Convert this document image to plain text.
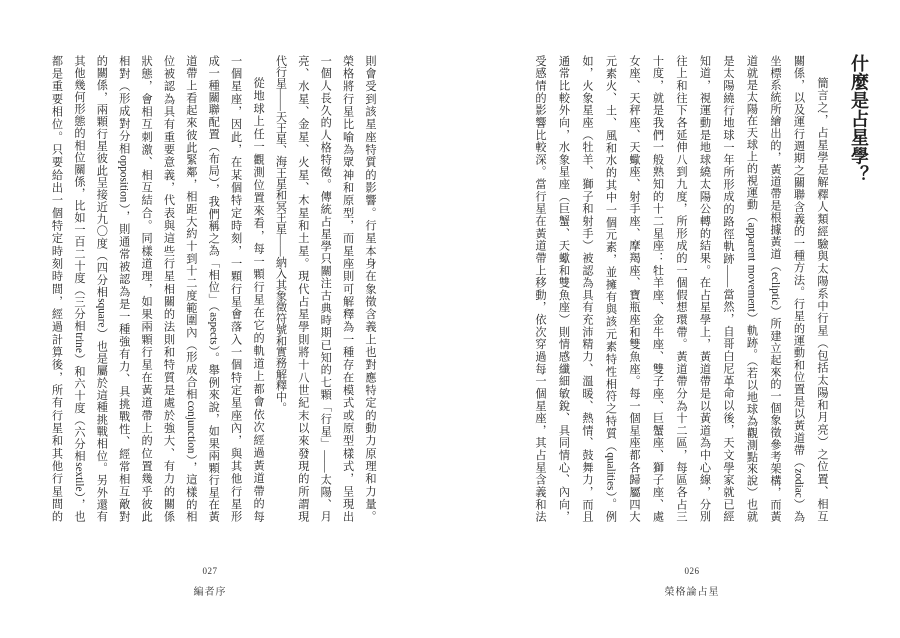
則會受到該星座特質的影響。行星本身在象徵含義上也對應特定的動力原理和力量。
榮格將行星比喻為眾神和原型，而星座則可解釋為一種存在模式或原型樣式，呈現出
一個人長久的人格特徵。傳統占星學只關注古典時期已知的七顆「行星」——太陽、月
亮、水星、金星、火星、木星和土星。現代占星學則將十八世紀末以來發現的所謂現
代行星——天王星、海王星和冥王星——納入其象徵符號和實務解釋中。
從地球上任一觀測位置來看，每一顆行星在它的軌道上都會依次經過黃道帶的每
一個星座，因此，在某個特定時刻，一顆行星會落入一個特定星座內，與其他行星形
成一種關聯配置（布局），我們稱之為「相位」（aspects）。舉例來說，如果兩顆行星在黃
道帶上看起來彼此緊鄰，相距大約十到十二度範圍內（形成合相conjunction），這樣的相
位被認為具有重要意義，代表與這些行星相關的法則和特質是處於強大、有力的關係
狀態，會相互刺激、相互結合。同樣道理，如果兩顆行星在黃道帶上的位置幾乎彼此
相對（形成對分相opposition），則通常被認為是一種強有力、具挑戰性、經常相互敵對
的關係，兩顆行星彼此呈接近九〇度（四分相square）也是屬於這種挑戰相位。另外還有
其他幾何形態的相位關係，比如一百二十度（三分相trine）和六十度（六分相sextile），也
都是重要相位。只要給出一個特定時刻時間，經過計算後，所有行星和其他行星間的
027
編者序
什麼是占星學？
簡言之，占星學是解釋人類經驗與太陽系中行星（包括太陽和月亮）之位置、相互
關係，以及運行週期之關聯含義的一種方法。行星的運動和位置是以黃道帶（zodiac）為
坐標系統所繪出的，黃道帶是根據黃道（ecliptic）所建立起來的一個象徵參考架構，而黃
道就是太陽在天球上的視運動（apparent movement）軌跡。（若以地球為觀測點來說）也就
是太陽繞行地球一年所形成的路徑軌跡——當然，自哥白尼革命以後，天文學家就已經
知道，視運動是地球繞太陽公轉的結果。在占星學上，黃道帶是以黃道為中心線，分別
往上和往下各延伸八到九度，所形成的一個假想環帶。黃道帶分為十二區，每區各占三
十度，就是我們一般熟知的十二星座：牡羊座、金牛座、雙子座、巨蟹座、獅子座、處
女座、天秤座、天蠍座、射手座、摩羯座、寶瓶座和雙魚座。每一個星座都各歸屬四大
元素火、土、風和水的其中一個元素，並擁有與該元素特性相符之特質（qualities）。例
如，火象星座（牡羊、獅子和射手）被認為具有充沛精力、溫暖、熱情、鼓舞力，而且
通常比較外向，水象星座（巨蟹、天蠍和雙魚座）則情感纖細敏銳、具同情心、內向，
受感情的影響比較深。當行星在黃道帶上移動，依次穿過每一個星座，其占星含義和法
026
榮格論占星
